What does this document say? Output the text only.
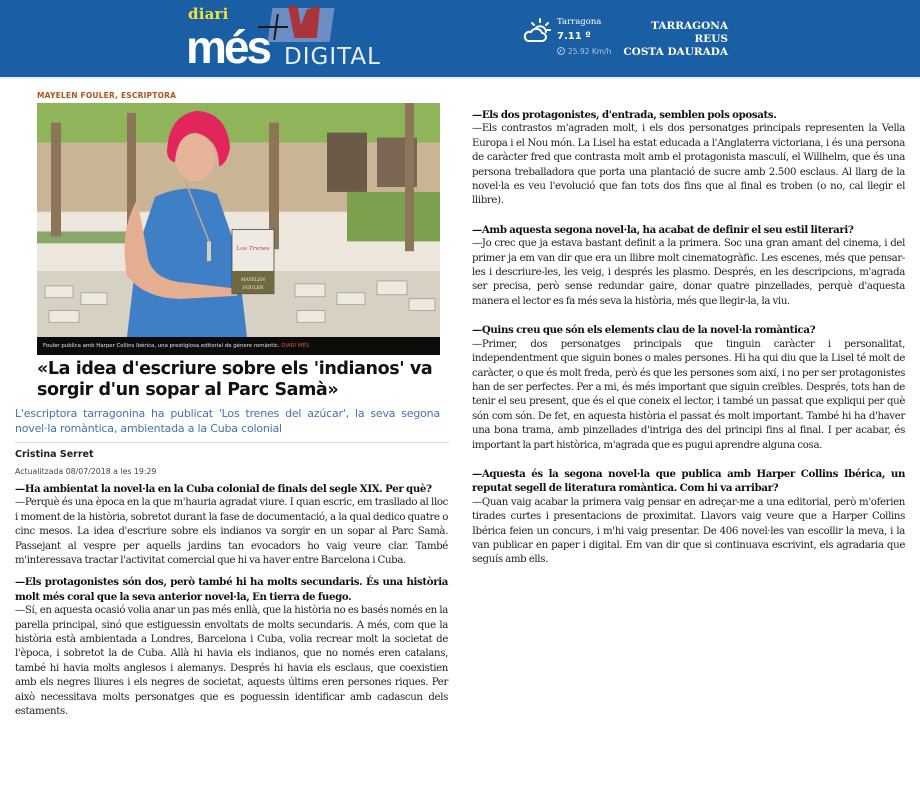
diari
més DIGITAL
Tarragona
7.11 º
25.92 Km/h
TARRAGONA
REUS
COSTA DAURADA
MAYELEN FOULER, ESCRIPTORA
Los Trenes
MAYELEN
FOULER
Fouler publica amb Harper Collins Ibérica, una prestigiosa editorial de gènere romàntic. DIARI MÉS
«La idea d'escriure sobre els 'indianos' va sorgir d'un sopar al Parc Samà»

L'escriptora tarragonina ha publicat 'Los trenes del azúcar', la seva segona novel·la romàntica, ambientada a la Cuba colonial

Cristina Serret
Actualitzada 08/07/2018 a les 19:29
—Ha ambientat la novel·la en la Cuba colonial de finals del segle XIX. Per què?
—Perquè és una època en la que m'hauria agradat viure. I quan escric, em trasllado al lloc i moment de la història, sobretot durant la fase de documentació, a la qual dedico quatre o cinc mesos. La idea d'escriure sobre els indianos va sorgir en un sopar al Parc Samà. Passejant al vespre per aquells jardins tan evocadors ho vaig veure clar. També m'interessava tractar l'activitat comercial que hi va haver entre Barcelona i Cuba.
—Els protagonistes són dos, però també hi ha molts secundaris. És una història molt més coral que la seva anterior novel·la, En tierra de fuego.
—Sí, en aquesta ocasió volia anar un pas més enllà, que la història no es basés només en la parella principal, sinó que estiguessin envoltats de molts secundaris. A més, com que la història està ambientada a Londres, Barcelona i Cuba, volia recrear molt la societat de l'època, i sobretot la de Cuba. Allà hi havia els indianos, que no només eren catalans, també hi havia molts anglesos i alemanys. Després hi havia els esclaus, que coexistien amb els negres lliures i els negres de societat, aquests últims eren persones riques. Per això necessitava molts personatges que es poguessin identificar amb cadascun dels estaments.
—Els dos protagonistes, d'entrada, semblen pols oposats.
—Els contrastos m'agraden molt, i els dos personatges principals representen la Vella Europa i el Nou món. La Lisel ha estat educada a l'Anglaterra victoriana, i és una persona de caràcter fred que contrasta molt amb el protagonista masculí, el Willhelm, que és una persona treballadora que porta una plantació de sucre amb 2.500 esclaus. Al llarg de la novel·la es veu l'evolució que fan tots dos fins que al final es troben (o no, cal llegir el llibre).
—Amb aquesta segona novel·la, ha acabat de definir el seu estil literari?
—Jo crec que ja estava bastant definit a la primera. Soc una gran amant del cinema, i del primer ja em van dir que era un llibre molt cinematogràfic. Les escenes, més que pensar-les i descriure-les, les veig, i després les plasmo. Després, en les descripcions, m'agrada ser precisa, però sense redundar gaire, donar quatre pinzellades, perquè d'aquesta manera el lector es fa més seva la història, més que llegir-la, la viu.
—Quins creu que són els elements clau de la novel·la romàntica?
—Primer, dos personatges principals que tinguin caràcter i personalitat, independentment que siguin bones o males persones. Hi ha qui diu que la Lisel té molt de caràcter, o que és molt freda, però és que les persones som així, i no per ser protagonistes han de ser perfectes. Per a mi, és més important que siguin creïbles. Després, tots han de tenir el seu present, que és el que coneix el lector, i també un passat que expliqui per què són com són. De fet, en aquesta història el passat és molt important. També hi ha d'haver una bona trama, amb pinzellades d'intriga des del principi fins al final. I per acabar, és important la part històrica, m'agrada que es pugui aprendre alguna cosa.
—Aquesta és la segona novel·la que publica amb Harper Collins Ibérica, un reputat segell de literatura romàntica. Com hi va arribar?
—Quan vaig acabar la primera vaig pensar en adreçar-me a una editorial, però m'oferien tirades curtes i presentacions de proximitat. Llavors vaig veure que a Harper Collins Ibérica feien un concurs, i m'hi vaig presentar. De 406 novel·les van escollir la meva, i la van publicar en paper i digital. Em van dir que si continuava escrivint, els agradaria que seguís amb ells.
